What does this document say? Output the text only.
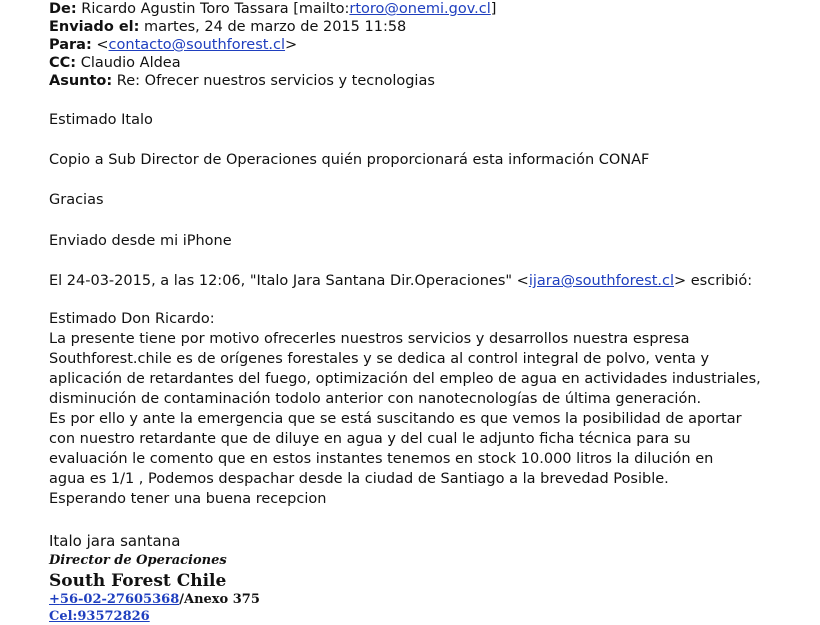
De: Ricardo Agustin Toro Tassara [mailto:rtoro@onemi.gov.cl]
Enviado el: martes, 24 de marzo de 2015 11:58
Para: <contacto@southforest.cl>
CC: Claudio Aldea
Asunto: Re: Ofrecer nuestros servicios y tecnologias
Estimado Italo
Copio a Sub Director de Operaciones quién proporcionará esta información CONAF
Gracias
Enviado desde mi iPhone
El 24-03-2015, a las 12:06, "Italo Jara Santana Dir.Operaciones" <ijara@southforest.cl> escribió:
Estimado Don Ricardo:
La presente tiene por motivo ofrecerles nuestros servicios y desarrollos nuestra espresa
Southforest.chile es de orígenes forestales y se dedica al control integral de polvo, venta y
aplicación de retardantes del fuego, optimización del empleo de agua en actividades industriales,
disminución de contaminación todolo anterior con nanotecnologías de última generación.
Es por ello y ante la emergencia que se está suscitando es que vemos la posibilidad de aportar
con nuestro retardante que de diluye en agua y del cual le adjunto ficha técnica para su
evaluación le comento que en estos instantes tenemos en stock 10.000 litros la dilución en
agua es 1/1 , Podemos despachar desde la ciudad de Santiago a la brevedad Posible.
Esperando tener una buena recepcion
Italo jara santana
Director de Operaciones
South Forest Chile
+56-02-27605368/Anexo 375
Cel:93572826
